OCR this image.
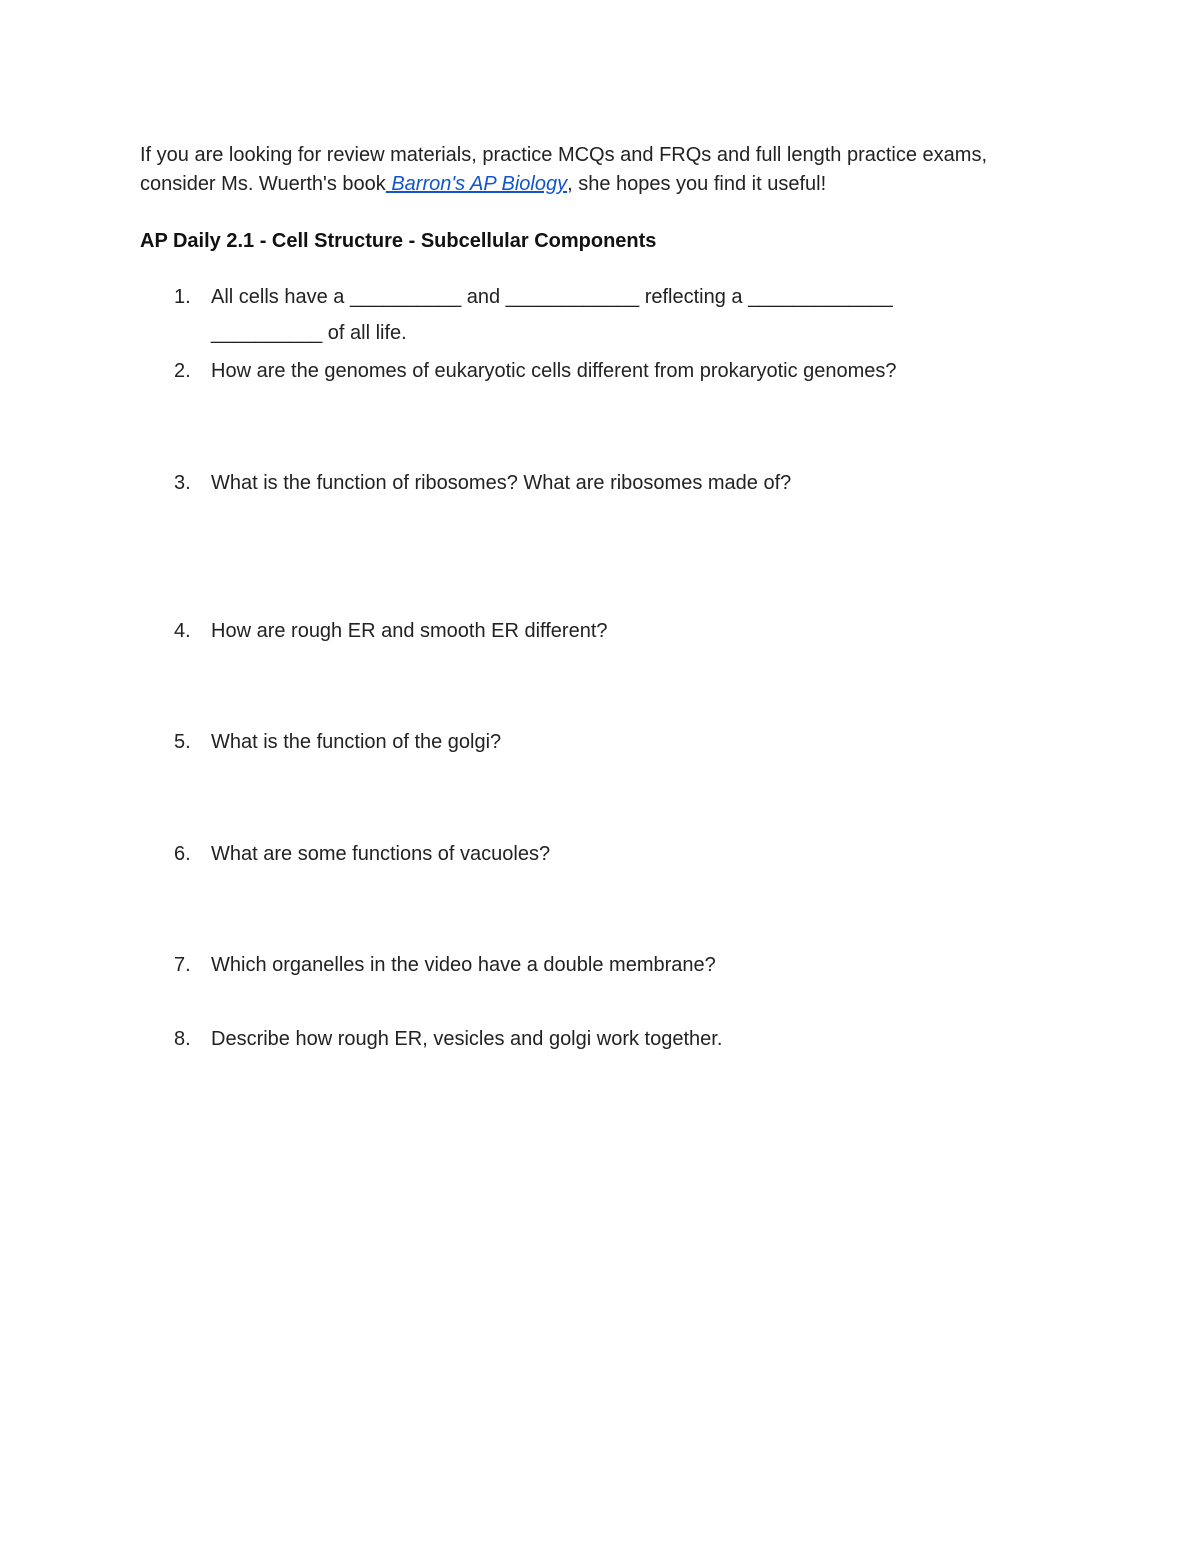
If you are looking for review materials, practice MCQs and FRQs and full length practice exams,
consider Ms. Wuerth's book Barron's AP Biology, she hopes you find it useful!

AP Daily 2.1 - Cell Structure - Subcellular Components
1.	All cells have a __________ and ____________ reflecting a _____________
__________ of all life.
2.	How are the genomes of eukaryotic cells different from prokaryotic genomes?
3.	What is the function of ribosomes? What are ribosomes made of?
4.	How are rough ER and smooth ER different?
5.	What is the function of the golgi?
6.	What are some functions of vacuoles?
7.	Which organelles in the video have a double membrane?
8.	Describe how rough ER, vesicles and golgi work together.
